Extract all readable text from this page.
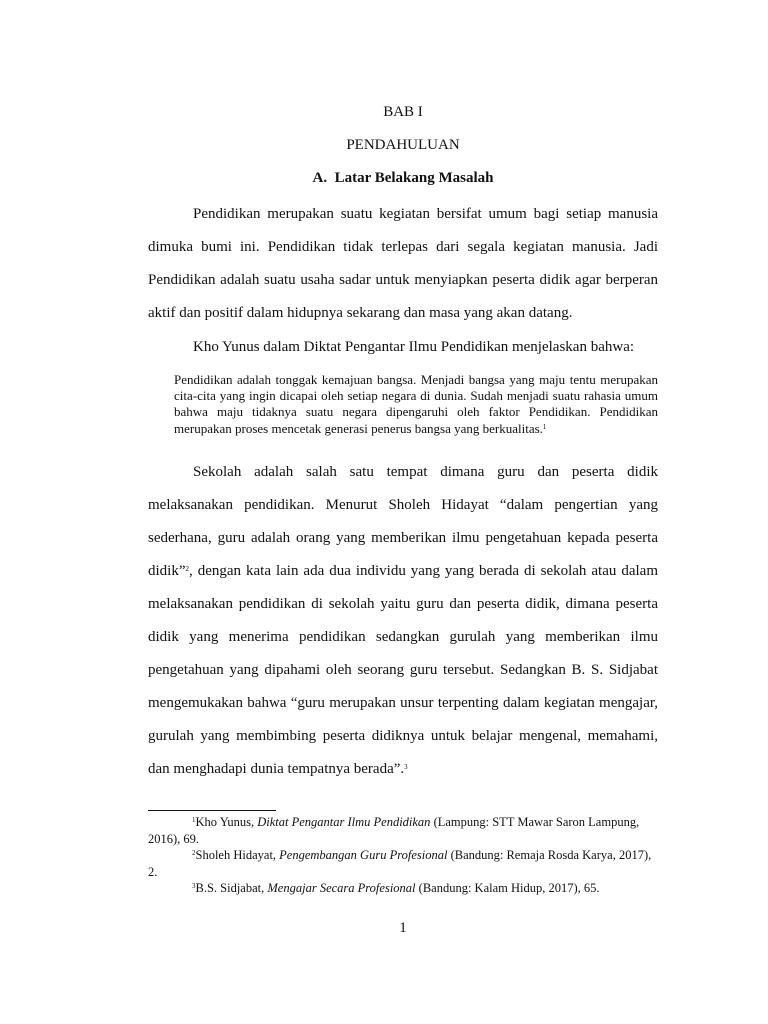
BAB I
PENDAHULUAN
A. Latar Belakang Masalah

Pendidikan merupakan suatu kegiatan bersifat umum bagi setiap manusia dimuka bumi ini. Pendidikan tidak terlepas dari segala kegiatan manusia. Jadi Pendidikan adalah suatu usaha sadar untuk menyiapkan peserta didik agar berperan aktif dan positif dalam hidupnya sekarang dan masa yang akan datang.

Kho Yunus dalam Diktat Pengantar Ilmu Pendidikan menjelaskan bahwa:

Pendidikan adalah tonggak kemajuan bangsa. Menjadi bangsa yang maju tentu merupakan cita-cita yang ingin dicapai oleh setiap negara di dunia. Sudah menjadi suatu rahasia umum bahwa maju tidaknya suatu negara dipengaruhi oleh faktor Pendidikan. Pendidikan merupakan proses mencetak generasi penerus bangsa yang berkualitas.$^1$

Sekolah adalah salah satu tempat dimana guru dan peserta didik melaksanakan pendidikan. Menurut Sholeh Hidayat “dalam pengertian yang sederhana, guru adalah orang yang memberikan ilmu pengetahuan kepada peserta didik”$^2$, dengan kata lain ada dua individu yang yang berada di sekolah atau dalam melaksanakan pendidikan di sekolah yaitu guru dan peserta didik, dimana peserta didik yang menerima pendidikan sedangkan gurulah yang memberikan ilmu pengetahuan yang dipahami oleh seorang guru tersebut. Sedangkan B. S. Sidjabat mengemukakan bahwa “guru merupakan unsur terpenting dalam kegiatan mengajar, gurulah yang membimbing peserta didiknya untuk belajar mengenal, memahami, dan menghadapi dunia tempatnya berada”.$^3$

$^1$Kho Yunus, Diktat Pengantar Ilmu Pendidikan (Lampung: STT Mawar Saron Lampung, 2016), 69.
$^2$Sholeh Hidayat, Pengembangan Guru Profesional (Bandung: Remaja Rosda Karya, 2017), 2.
$^3$B.S. Sidjabat, Mengajar Secara Profesional (Bandung: Kalam Hidup, 2017), 65.
1
